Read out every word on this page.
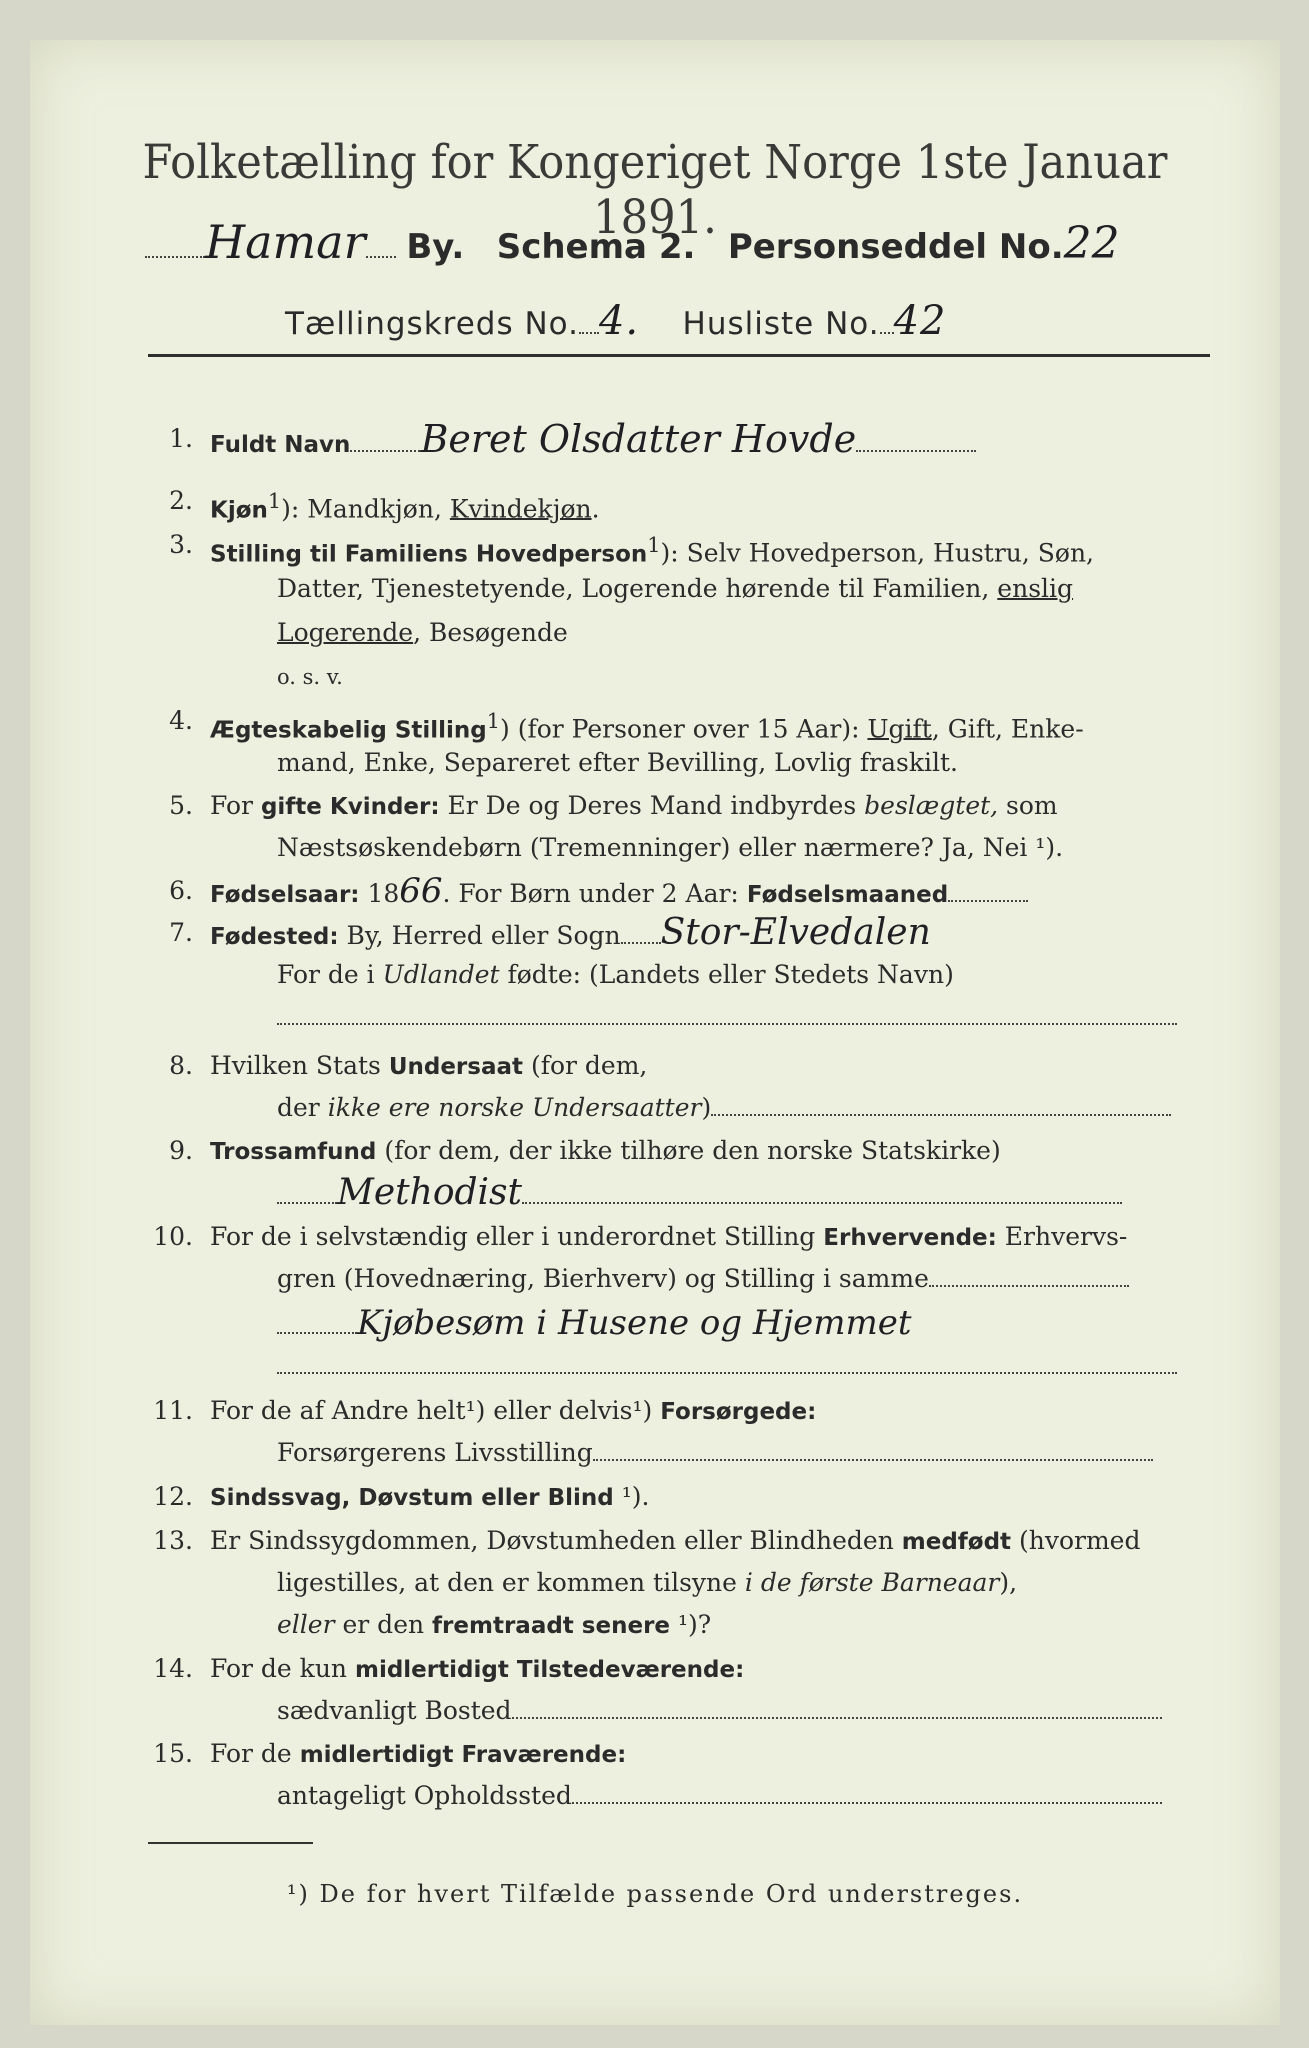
Folketælling for Kongeriget Norge 1ste Januar 1891.
Hamar By. Schema 2. Personseddel No.22
Tællingskreds No. 4. Husliste No. 42
1. Fuldt Navn Beret Olsdatter Hovde
2. Kjøn$^1$): Mandkjøn, Kvindekjøn.
3. Stilling til Familiens Hovedperson$^1$): Selv Hovedperson, Hustru, Søn,
Datter, Tjenestetyende, Logerende hørende til Familien, enslig
Logerende, Besøgende
o. s. v.
4. Ægteskabelig Stilling$^1$) (for Personer over 15 Aar): Ugift, Gift, Enke-
mand, Enke, Separeret efter Bevilling, Lovlig fraskilt.
5. For gifte Kvinder: Er De og Deres Mand indbyrdes beslægtet, som
Næstsøskendebørn (Tremenninger) eller nærmere? Ja, Nei ¹).
6. Fødselsaar: 1866. For Børn under 2 Aar: Fødselsmaaned
7. Fødested: By, Herred eller Sogn Stor-Elvedalen
For de i Udlandet fødte: (Landets eller Stedets Navn)
8. Hvilken Stats Undersaat (for dem,
der ikke ere norske Undersaatter)
9. Trossamfund (for dem, der ikke tilhøre den norske Statskirke)
Methodist
10. For de i selvstændig eller i underordnet Stilling Erhvervende: Erhvervs-
gren (Hovednæring, Bierhverv) og Stilling i samme
Kjøbesøm i Husene og Hjemmet
11. For de af Andre helt¹) eller delvis¹) Forsørgede:
Forsørgerens Livsstilling
12. Sindssvag, Døvstum eller Blind ¹).
13. Er Sindssygdommen, Døvstumheden eller Blindheden medfødt (hvormed
ligestilles, at den er kommen tilsyne i de første Barneaar),
eller er den fremtraadt senere ¹)?
14. For de kun midlertidigt Tilstedeværende:
sædvanligt Bosted
15. For de midlertidigt Fraværende:
antageligt Opholdssted
¹) De for hvert Tilfælde passende Ord understreges.
